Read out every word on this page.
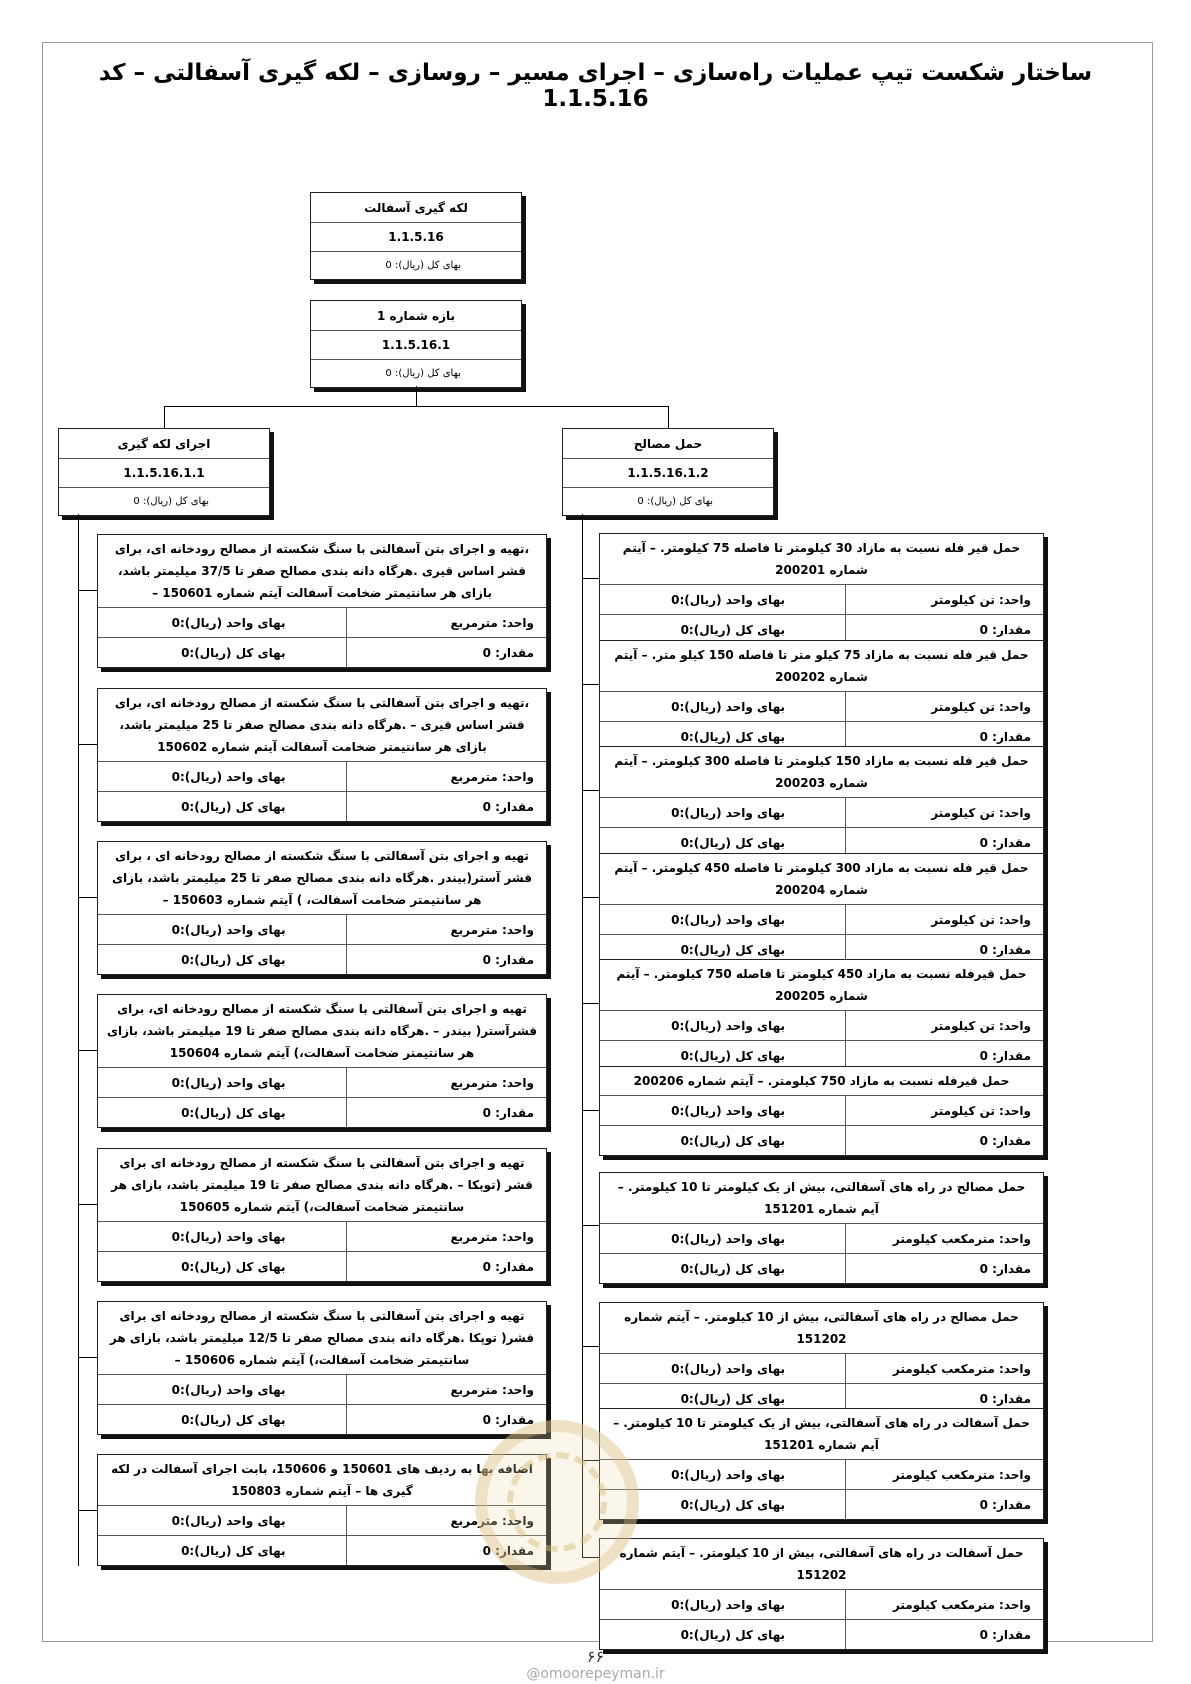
ساختار شکست تیپ عملیات راه‌سازی – اجرای مسیر – روسازی – لکه گیری آسفالتی – کد 1.1.5.16
لکه گیری آسفالت
1.1.5.16
بهای کل (ریال): 0
بازه شماره 1
1.1.5.16.1
بهای کل (ریال): 0
اجرای لکه گیری
1.1.5.16.1.1
بهای کل (ریال): 0
حمل مصالح
1.1.5.16.1.2
بهای کل (ریال): 0
،تهیه و اجرای بتن آسفالتی با سنگ شکسته از مصالح رودخانه ای، برای قشر اساس قیری .هرگاه دانه بندی مصالح صفر تا 37/5 میلیمتر باشد، بازای هر سانتیمتر ضخامت آسفالت آیتم شماره 150601 –
واحد: مترمربع
بهای واحد (ریال):0
مقدار: 0
بهای کل (ریال):0
،تهیه و اجرای بتن آسفالتی با سنگ شکسته از مصالح رودخانه ای، برای قشر اساس قیری – .هرگاه دانه بندی مصالح صفر تا 25 میلیمتر باشد، بازای هر سانتیمتر ضخامت آسفالت آیتم شماره 150602
واحد: مترمربع
بهای واحد (ریال):0
مقدار: 0
بهای کل (ریال):0
تهیه و اجرای بتن آسفالتی با سنگ شکسته از مصالح رودخانه ای ، برای قشر آستر(بیندر .هرگاه دانه بندی مصالح صفر تا 25 میلیمتر باشد، بازای هر سانتیمتر ضخامت آسفالت، ) آیتم شماره 150603 –
واحد: مترمربع
بهای واحد (ریال):0
مقدار: 0
بهای کل (ریال):0
تهیه و اجرای بتن آسفالتی با سنگ شکسته از مصالح رودخانه ای، برای قشرآستر( بیندر – .هرگاه دانه بندی مصالح صفر تا 19 میلیمتر باشد، بازای هر سانتیمتر ضخامت آسفالت،) آیتم شماره 150604
واحد: مترمربع
بهای واحد (ریال):0
مقدار: 0
بهای کل (ریال):0
تهیه و اجرای بتن آسفالتی با سنگ شکسته از مصالح رودخانه ای برای قشر (توپکا – .هرگاه دانه بندی مصالح صفر تا 19 میلیمتر باشد، بازای هر سانتیمتر ضخامت آسفالت،) آیتم شماره 150605
واحد: مترمربع
بهای واحد (ریال):0
مقدار: 0
بهای کل (ریال):0
تهیه و اجرای بتن آسفالتی با سنگ شکسته از مصالح رودخانه ای برای قشر( توپکا .هرگاه دانه بندی مصالح صفر تا 12/5 میلیمتر باشد، بازای هر سانتیمتر ضخامت آسفالت،) آیتم شماره 150606 –
واحد: مترمربع
بهای واحد (ریال):0
مقدار: 0
بهای کل (ریال):0
اضافه بها به ردیف های 150601 و 150606، بابت اجرای آسفالت در لکه گیری ها – آیتم شماره 150803
واحد: مترمربع
بهای واحد (ریال):0
مقدار: 0
بهای کل (ریال):0
حمل قیر فله نسبت به مازاد 30 کیلومتر تا فاصله 75 کیلومتر. – آیتم شماره 200201
واحد: تن کیلومتر
بهای واحد (ریال):0
مقدار: 0
بهای کل (ریال):0
حمل قیر فله نسبت به مازاد 75 کیلو متر تا فاصله 150 کیلو متر. – آیتم شماره 200202
واحد: تن کیلومتر
بهای واحد (ریال):0
مقدار: 0
بهای کل (ریال):0
حمل قیر فله نسبت به مازاد 150 کیلومتر تا فاصله 300 کیلومتر. – آیتم شماره 200203
واحد: تن کیلومتر
بهای واحد (ریال):0
مقدار: 0
بهای کل (ریال):0
حمل قیر فله نسبت به مازاد 300 کیلومتر تا فاصله 450 کیلومتر. – آیتم شماره 200204
واحد: تن کیلومتر
بهای واحد (ریال):0
مقدار: 0
بهای کل (ریال):0
حمل قیرفله نسبت به مازاد 450 کیلومتر تا فاصله 750 کیلومتر. – آیتم شماره 200205
واحد: تن کیلومتر
بهای واحد (ریال):0
مقدار: 0
بهای کل (ریال):0
حمل قیرفله نسبت به مازاد 750 کیلومتر. – آیتم شماره 200206
واحد: تن کیلومتر
بهای واحد (ریال):0
مقدار: 0
بهای کل (ریال):0
حمل مصالح در راه های آسفالتی، بیش از یک کیلومتر تا 10 کیلومتر. – آیم شماره 151201
واحد: مترمکعب کیلومتر
بهای واحد (ریال):0
مقدار: 0
بهای کل (ریال):0
حمل مصالح در راه های آسفالتی، بیش از 10 کیلومتر. – آیتم شماره 151202
واحد: مترمکعب کیلومتر
بهای واحد (ریال):0
مقدار: 0
بهای کل (ریال):0
حمل آسفالت در راه های آسفالتی، بیش از یک کیلومتر تا 10 کیلومتر. – آیم شماره 151201
واحد: مترمکعب کیلومتر
بهای واحد (ریال):0
مقدار: 0
بهای کل (ریال):0
حمل آسفالت در راه های آسفالتی، بیش از 10 کیلومتر. – آیتم شماره 151202
واحد: مترمکعب کیلومتر
بهای واحد (ریال):0
مقدار: 0
بهای کل (ریال):0
۶۶
@omoorepeyman.ir
